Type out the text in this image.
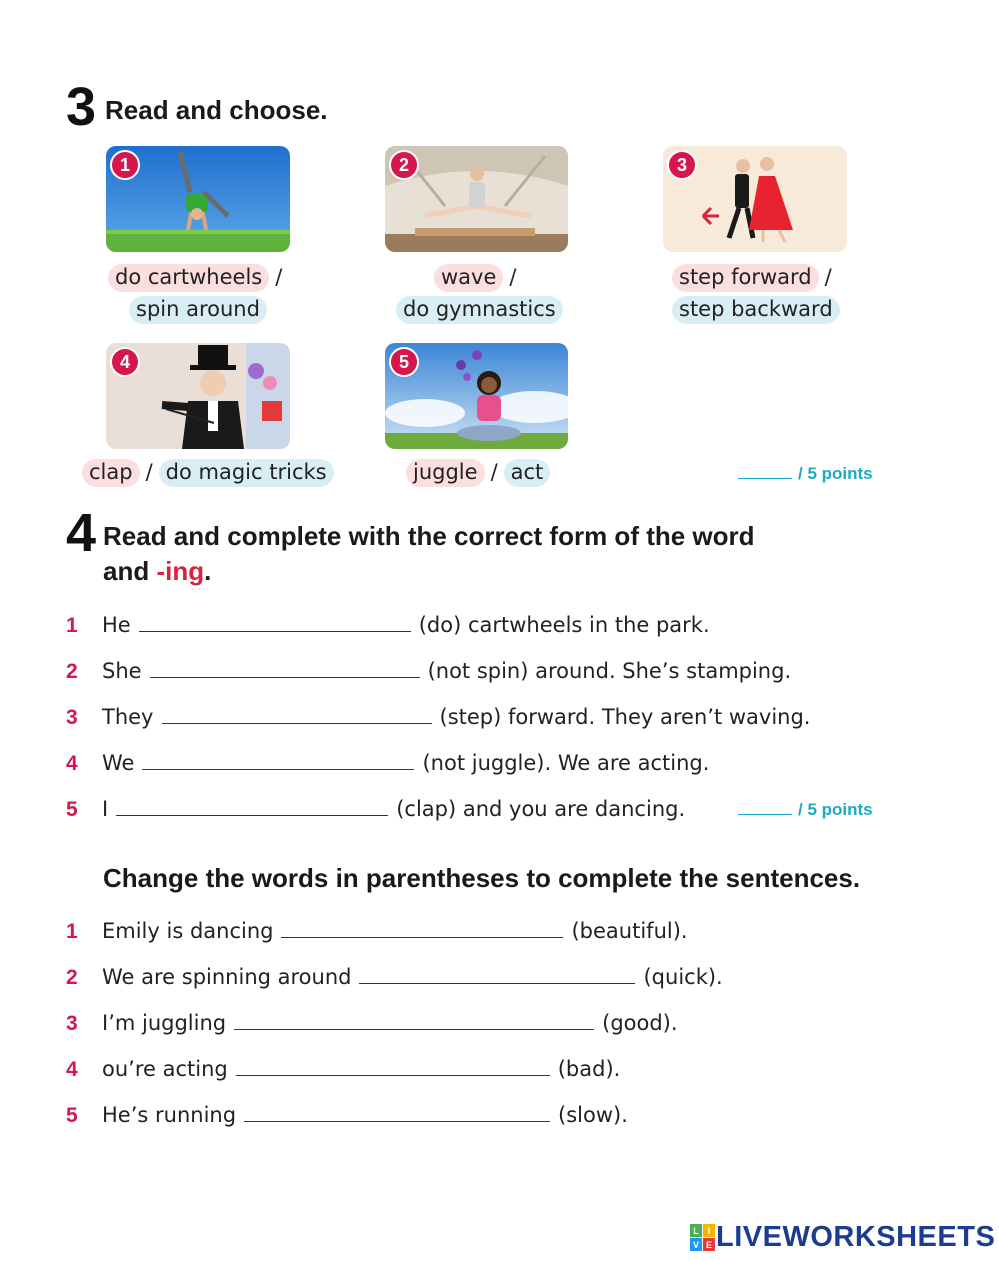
3 Read and choose.
1	2	3
4	5
do cartwheels /
spin around
wave /
do gymnastics
step forward /
step backward
clap / do magic tricks	juggle / act	/ 5 points
4 Read and complete with the correct form of the word
and -ing.
1	He	(do) cartwheels in the park.
2	She	(not spin) around. She’s stamping.
3	They	(step) forward. They aren’t waving.
4	We	(not juggle). We are acting.
5	I	(clap) and you are dancing.	/ 5 points
Change the words in parentheses to complete the sentences.
1	Emily is dancing	(beautiful).
2	We are spinning around	(quick).
3	I’m juggling	(good).
4	ou’re acting	(bad).
5	He’s running	(slow).
L I
V E LIVEWORKSHEETS
